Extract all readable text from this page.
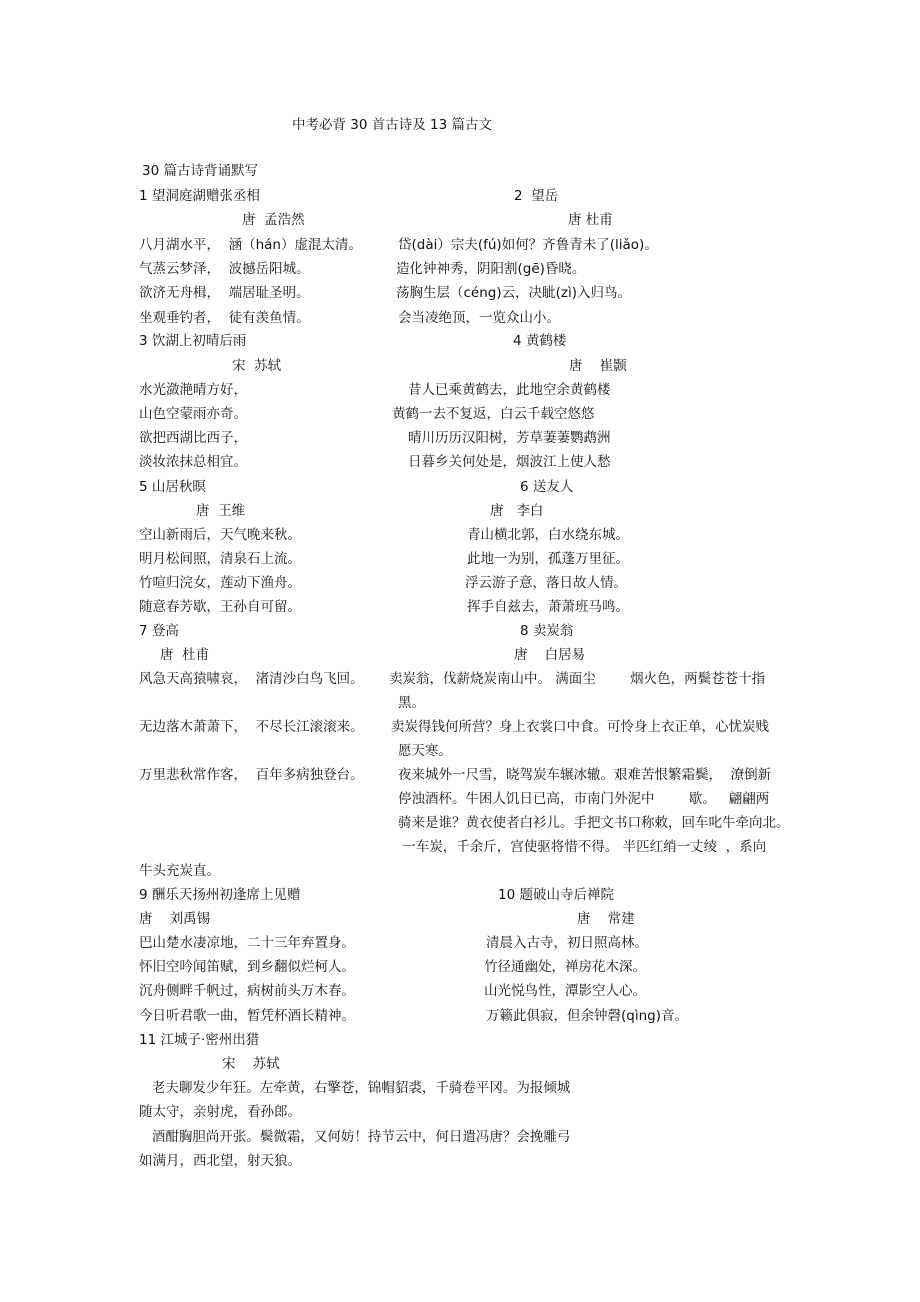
中考必背 30 首古诗及 13 篇古文
30 篇古诗背诵默写
1 望洞庭湖赠张丞相
唐  孟浩然
八月湖水平，  涵（hán）虚混太清。
气蒸云梦泽，  波撼岳阳城。
欲济无舟楫，  端居耻圣明。
坐观垂钓者，  徒有羡鱼情。
2  望岳
唐 杜甫
岱(dài）宗夫(fú)如何？齐鲁青未了(liǎo)。
造化钟神秀，阴阳割(gē)昏晓。
荡胸生层（céng)云，决眦(zì)入归鸟。
会当凌绝顶，一览众山小。
3 饮湖上初晴后雨
宋  苏轼
水光潋滟晴方好，
山色空蒙雨亦奇。
欲把西湖比西子，
淡妆浓抹总相宜。
4 黄鹤楼
唐    崔颢
昔人已乘黄鹤去，此地空余黄鹤楼
黄鹤一去不复返，白云千载空悠悠
晴川历历汉阳树，芳草萋萋鹦鹉洲
日暮乡关何处是，烟波江上使人愁
5 山居秋暝
唐  王维
空山新雨后，天气晚来秋。
明月松间照，清泉石上流。
竹喧归浣女，莲动下渔舟。
随意春芳歇，王孙自可留。
6 送友人
唐   李白
青山横北郭，白水绕东城。
此地一为别，孤蓬万里征。
浮云游子意，落日故人情。
挥手自兹去，萧萧班马鸣。
7 登高
唐  杜甫
风急天高猿啸哀，  渚清沙白鸟飞回。
无边落木萧萧下，  不尽长江滚滚来。
万里悲秋常作客，  百年多病独登台。
8 卖炭翁
唐    白居易
卖炭翁，伐薪烧炭南山中。 满面尘        烟火色，两鬓苍苍十指
黑。
卖炭得钱何所营？身上衣裳口中食。可怜身上衣正单，心忧炭贱
愿天寒。
夜来城外一尺雪，晓驾炭车辗冰辙。艰难苦恨繁霜鬓，  潦倒新
停浊酒杯。牛困人饥日已高，市南门外泥中        歇。   翩翩两
骑来是谁？黄衣使者白衫儿。手把文书口称敕，回车叱牛牵向北。
一车炭，千余斤，宫使驱将惜不得。 半匹红绡一丈绫  ，系向
牛头充炭直。
9 酬乐天扬州初逢席上见赠
唐    刘禹锡
巴山楚水凄凉地，二十三年弃置身。
怀旧空吟闻笛赋，到乡翻似烂柯人。
沉舟侧畔千帆过，病树前头万木春。
今日听君歌一曲，暂凭杯酒长精神。
10 题破山寺后禅院
唐    常建
清晨入古寺，初日照高林。
竹径通幽处，禅房花木深。
山光悦鸟性，潭影空人心。
万籁此俱寂，但余钟磬(qìng)音。
11 江城子·密州出猎
宋    苏轼
老夫聊发少年狂。左牵黄，右擎苍，锦帽貂裘，千骑卷平冈。为报倾城
随太守，亲射虎，看孙郎。
酒酣胸胆尚开张。鬓微霜，又何妨！持节云中，何日遣冯唐？会挽雕弓
如满月，西北望，射天狼。
